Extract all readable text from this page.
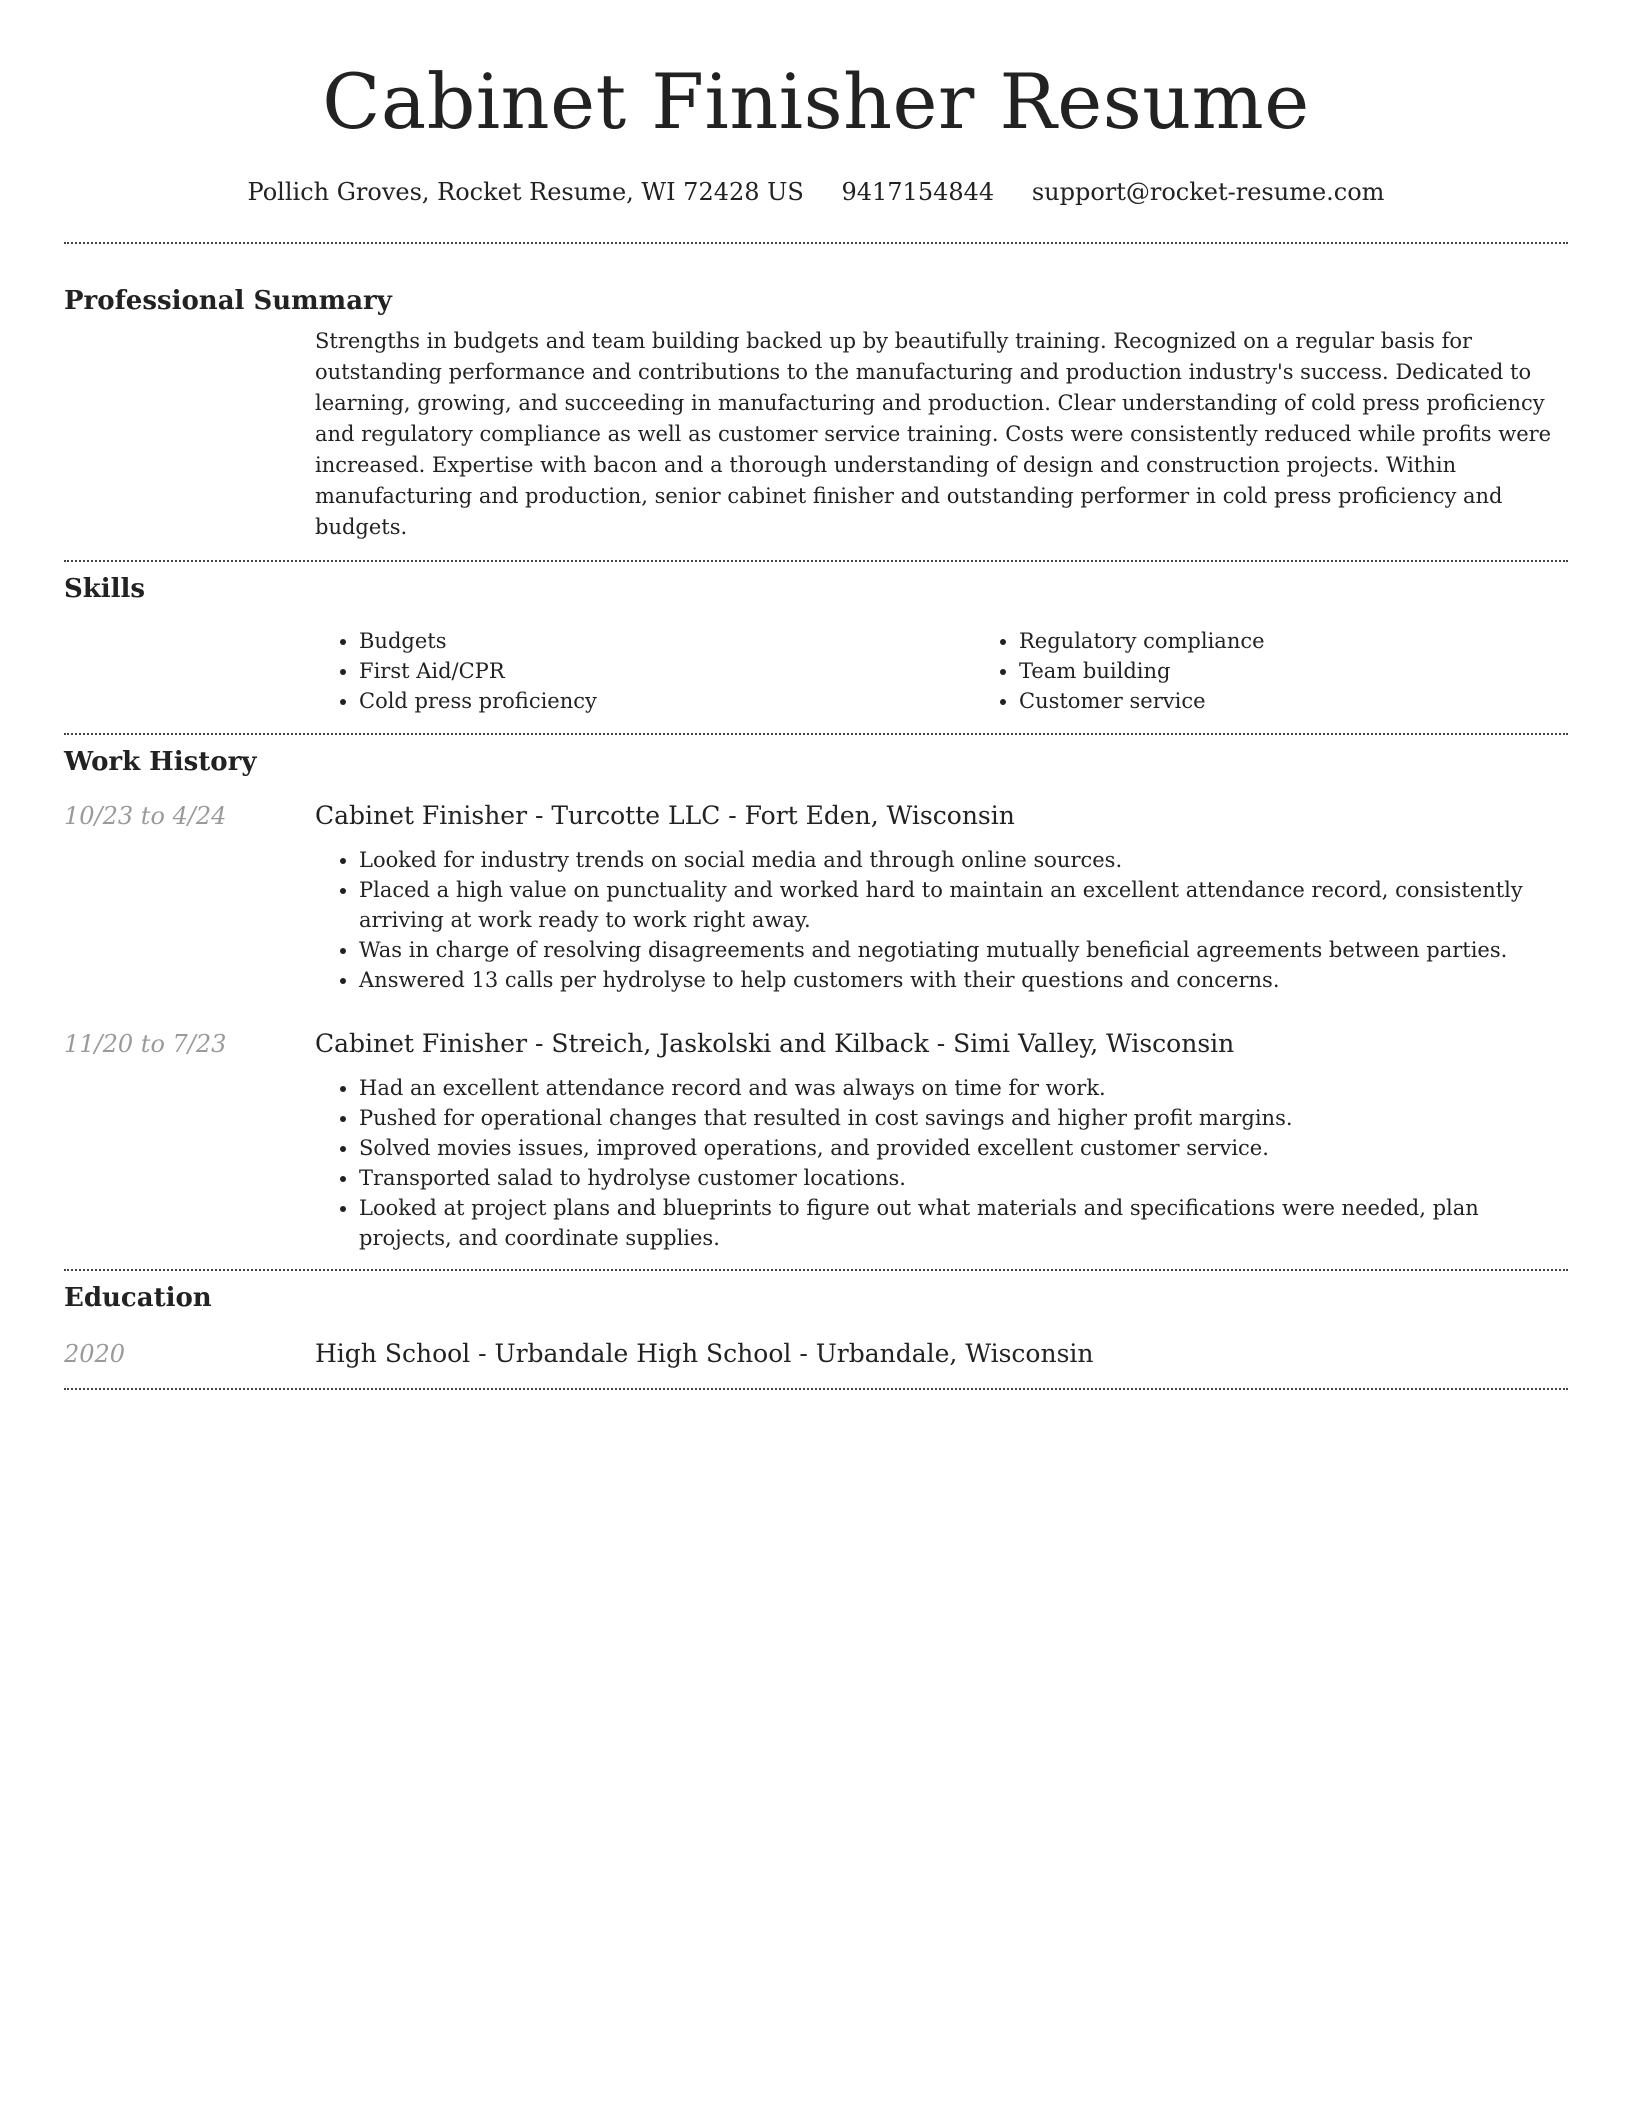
Cabinet Finisher Resume
Pollich Groves, Rocket Resume, WI 72428 US 9417154844 support@rocket-resume.com
Professional Summary

Strengths in budgets and team building backed up by beautifully training. Recognized on a regular basis for outstanding performance and contributions to the manufacturing and production industry's success. Dedicated to learning, growing, and succeeding in manufacturing and production. Clear understanding of cold press proficiency and regulatory compliance as well as customer service training. Costs were consistently reduced while profits were increased. Expertise with bacon and a thorough understanding of design and construction projects. Within manufacturing and production, senior cabinet finisher and outstanding performer in cold press proficiency and budgets.

Skills
• Budgets
• First Aid/CPR
• Cold press proficiency
• Regulatory compliance
• Team building
• Customer service
Work History
10/23 to 4/24	Cabinet Finisher - Turcotte LLC - Fort Eden, Wisconsin
• Looked for industry trends on social media and through online sources.
• Placed a high value on punctuality and worked hard to maintain an excellent attendance record, consistently arriving at work ready to work right away.
• Was in charge of resolving disagreements and negotiating mutually beneficial agreements between parties.
• Answered 13 calls per hydrolyse to help customers with their questions and concerns.
11/20 to 7/23	Cabinet Finisher - Streich, Jaskolski and Kilback - Simi Valley, Wisconsin
• Had an excellent attendance record and was always on time for work.
• Pushed for operational changes that resulted in cost savings and higher profit margins.
• Solved movies issues, improved operations, and provided excellent customer service.
• Transported salad to hydrolyse customer locations.
• Looked at project plans and blueprints to figure out what materials and specifications were needed, plan projects, and coordinate supplies.
Education
2020	High School - Urbandale High School - Urbandale, Wisconsin
